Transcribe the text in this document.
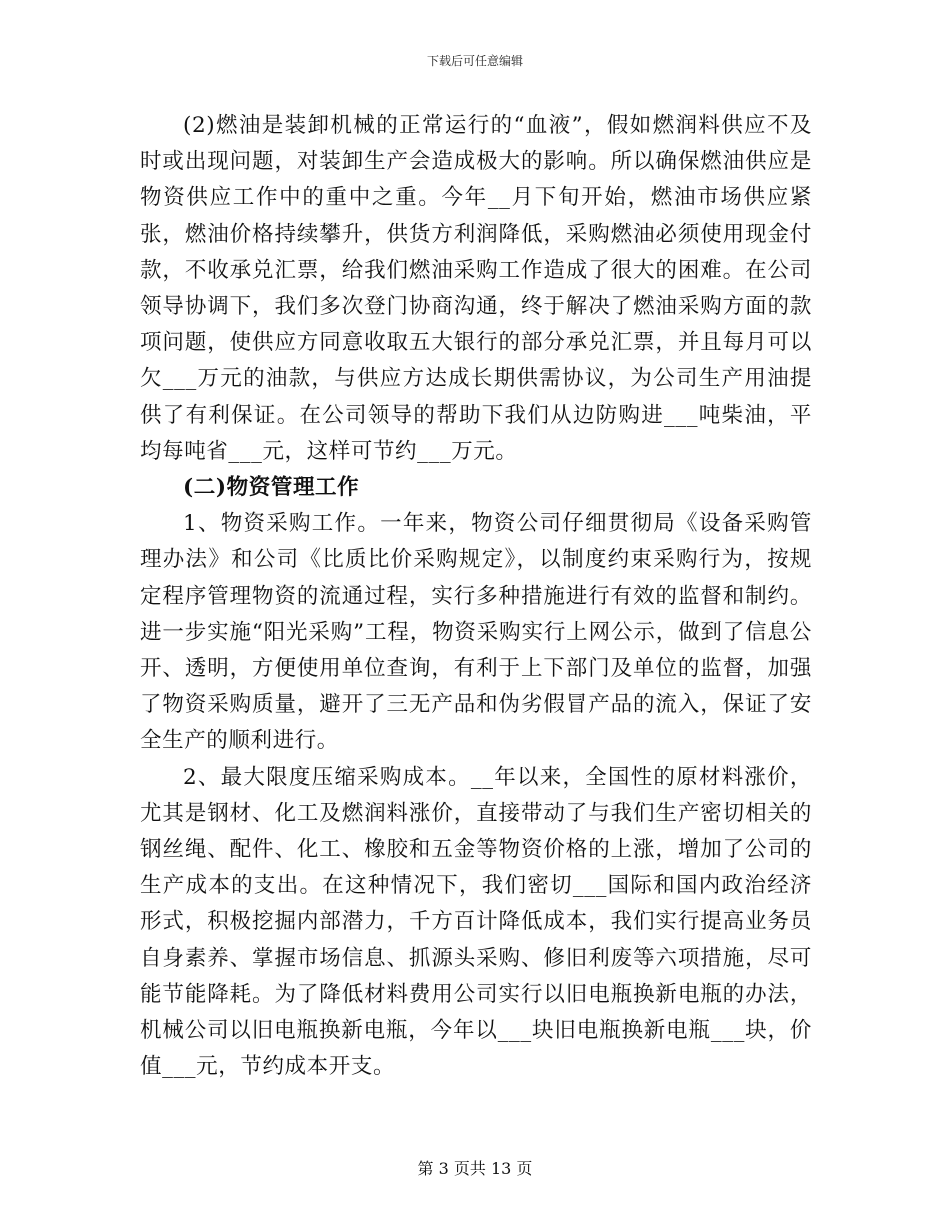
下载后可任意编辑

(2)燃油是装卸机械的正常运行的“血液”，假如燃润料供应不及时或出现问题，对装卸生产会造成极大的影响。所以确保燃油供应是物资供应工作中的重中之重。今年__月下旬开始，燃油市场供应紧张，燃油价格持续攀升，供货方利润降低，采购燃油必须使用现金付款，不收承兑汇票，给我们燃油采购工作造成了很大的困难。在公司领导协调下，我们多次登门协商沟通，终于解决了燃油采购方面的款项问题，使供应方同意收取五大银行的部分承兑汇票，并且每月可以欠___万元的油款，与供应方达成长期供需协议，为公司生产用油提供了有利保证。在公司领导的帮助下我们从边防购进___吨柴油，平均每吨省___元，这样可节约___万元。

(二)物资管理工作

1、物资采购工作。一年来，物资公司仔细贯彻局《设备采购管理办法》和公司《比质比价采购规定》，以制度约束采购行为，按规定程序管理物资的流通过程，实行多种措施进行有效的监督和制约。进一步实施“阳光采购”工程，物资采购实行上网公示，做到了信息公开、透明，方便使用单位查询，有利于上下部门及单位的监督，加强了物资采购质量，避开了三无产品和伪劣假冒产品的流入，保证了安全生产的顺利进行。

2、最大限度压缩采购成本。__年以来，全国性的原材料涨价，尤其是钢材、化工及燃润料涨价，直接带动了与我们生产密切相关的钢丝绳、配件、化工、橡胶和五金等物资价格的上涨，增加了公司的生产成本的支出。在这种情况下，我们密切___国际和国内政治经济形式，积极挖掘内部潜力，千方百计降低成本，我们实行提高业务员自身素养、掌握市场信息、抓源头采购、修旧利废等六项措施，尽可能节能降耗。为了降低材料费用公司实行以旧电瓶换新电瓶的办法，机械公司以旧电瓶换新电瓶，今年以___块旧电瓶换新电瓶___块，价值___元，节约成本开支。

第 3 页共 13 页
